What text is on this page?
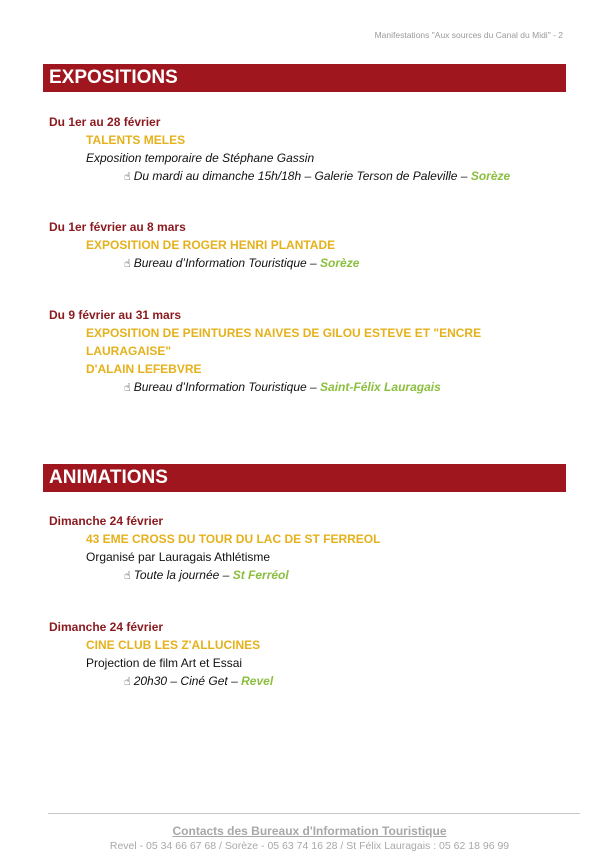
Manifestations "Aux sources du Canal du Midi" - 2
EXPOSITIONS
Du 1er au 28 février
TALENTS MELES
Exposition temporaire de Stéphane Gassin
☝ Du mardi au dimanche 15h/18h – Galerie Terson de Paleville – Sorèze
Du 1er février au 8 mars
EXPOSITION DE ROGER HENRI PLANTADE
☝ Bureau d’Information Touristique – Sorèze
Du 9 février au 31 mars
EXPOSITION DE PEINTURES NAIVES DE GILOU ESTEVE ET "ENCRE LAURAGAISE"
D'ALAIN LEFEBVRE
☝ Bureau d’Information Touristique – Saint-Félix Lauragais
ANIMATIONS
Dimanche 24 février
43 EME CROSS DU TOUR DU LAC DE ST FERREOL
Organisé par Lauragais Athlétisme
☝ Toute la journée – St Ferréol
Dimanche 24 février
CINE CLUB LES Z'ALLUCINES
Projection de film Art et Essai
☝ 20h30 – Ciné Get – Revel
Contacts des Bureaux d'Information Touristique
Revel - 05 34 66 67 68 / Sorèze - 05 63 74 16 28 / St Félix Lauragais : 05 62 18 96 99
